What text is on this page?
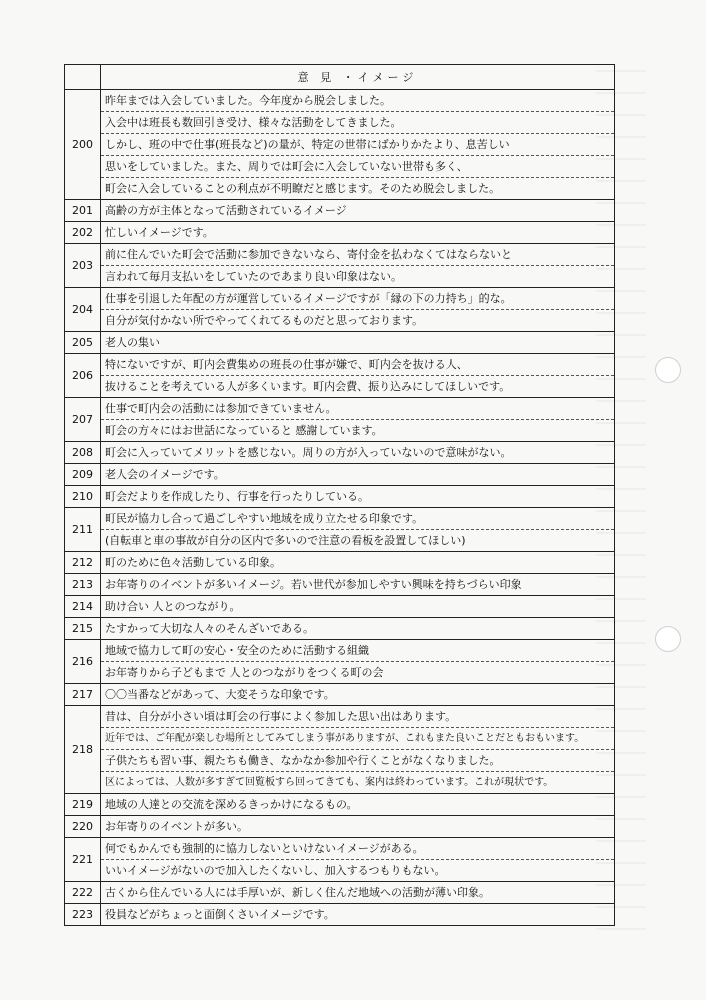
	意 見 ・イメージ
200	昨年までは入会していました。今年度から脱会しました。
入会中は班長も数回引き受け、様々な活動をしてきました。
しかし、班の中で仕事(班長など)の量が、特定の世帯にばかりかたより、息苦しい
思いをしていました。また、周りでは町会に入会していない世帯も多く、
町会に入会していることの利点が不明瞭だと感じます。そのため脱会しました。

201	高齢の方が主体となって活動されているイメージ

202	忙しいイメージです。

203	前に住んでいた町会で活動に参加できないなら、寄付金を払わなくてはならないと
言われて毎月支払いをしていたのであまり良い印象はない。

204	仕事を引退した年配の方が運営しているイメージですが「縁の下の力持ち」的な。
自分が気付かない所でやってくれてるものだと思っております。

205	老人の集い

206	特にないですが、町内会費集めの班長の仕事が嫌で、町内会を抜ける人、
抜けることを考えている人が多くいます。町内会費、振り込みにしてほしいです。

207	仕事で町内会の活動には参加できていません。
町会の方々にはお世話になっていると 感謝しています。

208	町会に入っていてメリットを感じない。周りの方が入っていないので意味がない。

209	老人会のイメージです。

210	町会だよりを作成したり、行事を行ったりしている。

211	町民が協力し合って過ごしやすい地域を成り立たせる印象です。
(自転車と車の事故が自分の区内で多いので注意の看板を設置してほしい)

212	町のために色々活動している印象。

213	お年寄りのイベントが多いイメージ。若い世代が参加しやすい興味を持ちづらい印象

214	助け合い 人とのつながり。

215	たすかって大切な人々のそんざいである。

216	地域で協力して町の安心・安全のために活動する組織
お年寄りから子どもまで 人とのつながりをつくる町の会

217	〇〇当番などがあって、大変そうな印象です。

218	昔は、自分が小さい頃は町会の行事によく参加した思い出はあります。
近年では、ご年配が楽しむ場所としてみてしまう事がありますが、これもまた良いことだともおもいます。
子供たちも習い事、親たちも働き、なかなか参加や行くことがなくなりました。
区によっては、人数が多すぎて回覧板すら回ってきても、案内は終わっています。これが現状です。

219	地域の人達との交流を深めるきっかけになるもの。

220	お年寄りのイベントが多い。

221	何でもかんでも強制的に協力しないといけないイメージがある。
いいイメージがないので加入したくないし、加入するつもりもない。

222	古くから住んでいる人には手厚いが、新しく住んだ地域への活動が薄い印象。

223	役員などがちょっと面倒くさいイメージです。
